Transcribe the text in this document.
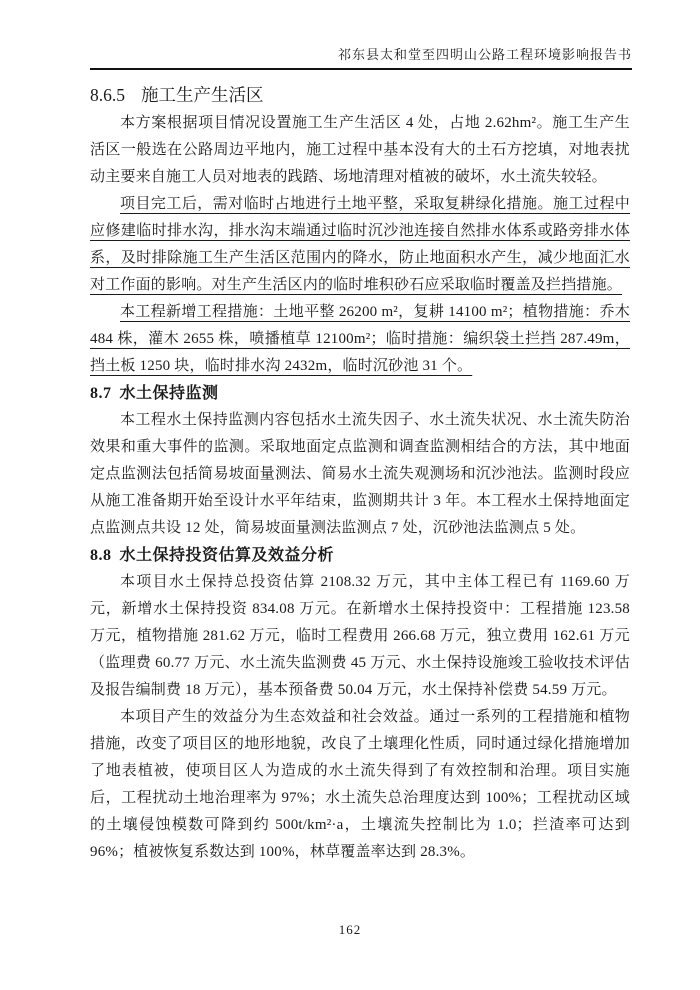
祁东县太和堂至四明山公路工程环境影响报告书
8.6.5 施工生产生活区

本方案根据项目情况设置施工生产生活区 4 处，占地 2.62hm²。施工生产生活区一般选在公路周边平地内，施工过程中基本没有大的土石方挖填，对地表扰动主要来自施工人员对地表的践踏、场地清理对植被的破坏，水土流失较轻。

项目完工后，需对临时占地进行土地平整，采取复耕绿化措施。施工过程中应修建临时排水沟，排水沟末端通过临时沉沙池连接自然排水体系或路旁排水体系，及时排除施工生产生活区范围内的降水，防止地面积水产生，减少地面汇水对工作面的影响。对生产生活区内的临时堆积砂石应采取临时覆盖及拦挡措施。

本工程新增工程措施：土地平整 26200 m²，复耕 14100 m²；植物措施：乔木 484 株，灌木 2655 株，喷播植草 12100m²；临时措施：编织袋土拦挡 287.49m，挡土板 1250 块，临时排水沟 2432m，临时沉砂池 31 个。

8.7 水土保持监测

本工程水土保持监测内容包括水土流失因子、水土流失状况、水土流失防治效果和重大事件的监测。采取地面定点监测和调查监测相结合的方法，其中地面定点监测法包括简易坡面量测法、简易水土流失观测场和沉沙池法。监测时段应从施工准备期开始至设计水平年结束，监测期共计 3 年。本工程水土保持地面定点监测点共设 12 处，简易坡面量测法监测点 7 处，沉砂池法监测点 5 处。

8.8 水土保持投资估算及效益分析

本项目水土保持总投资估算 2108.32 万元，其中主体工程已有 1169.60 万元，新增水土保持投资 834.08 万元。在新增水土保持投资中：工程措施 123.58 万元，植物措施 281.62 万元，临时工程费用 266.68 万元，独立费用 162.61 万元（监理费 60.77 万元、水土流失监测费 45 万元、水土保持设施竣工验收技术评估及报告编制费 18 万元），基本预备费 50.04 万元，水土保持补偿费 54.59 万元。

本项目产生的效益分为生态效益和社会效益。通过一系列的工程措施和植物措施，改变了项目区的地形地貌，改良了土壤理化性质，同时通过绿化措施增加了地表植被，使项目区人为造成的水土流失得到了有效控制和治理。项目实施后，工程扰动土地治理率为 97%；水土流失总治理度达到 100%；工程扰动区域的土壤侵蚀模数可降到约 500t/km²·a，土壤流失控制比为 1.0；拦渣率可达到 96%；植被恢复系数达到 100%，林草覆盖率达到 28.3%。

162
